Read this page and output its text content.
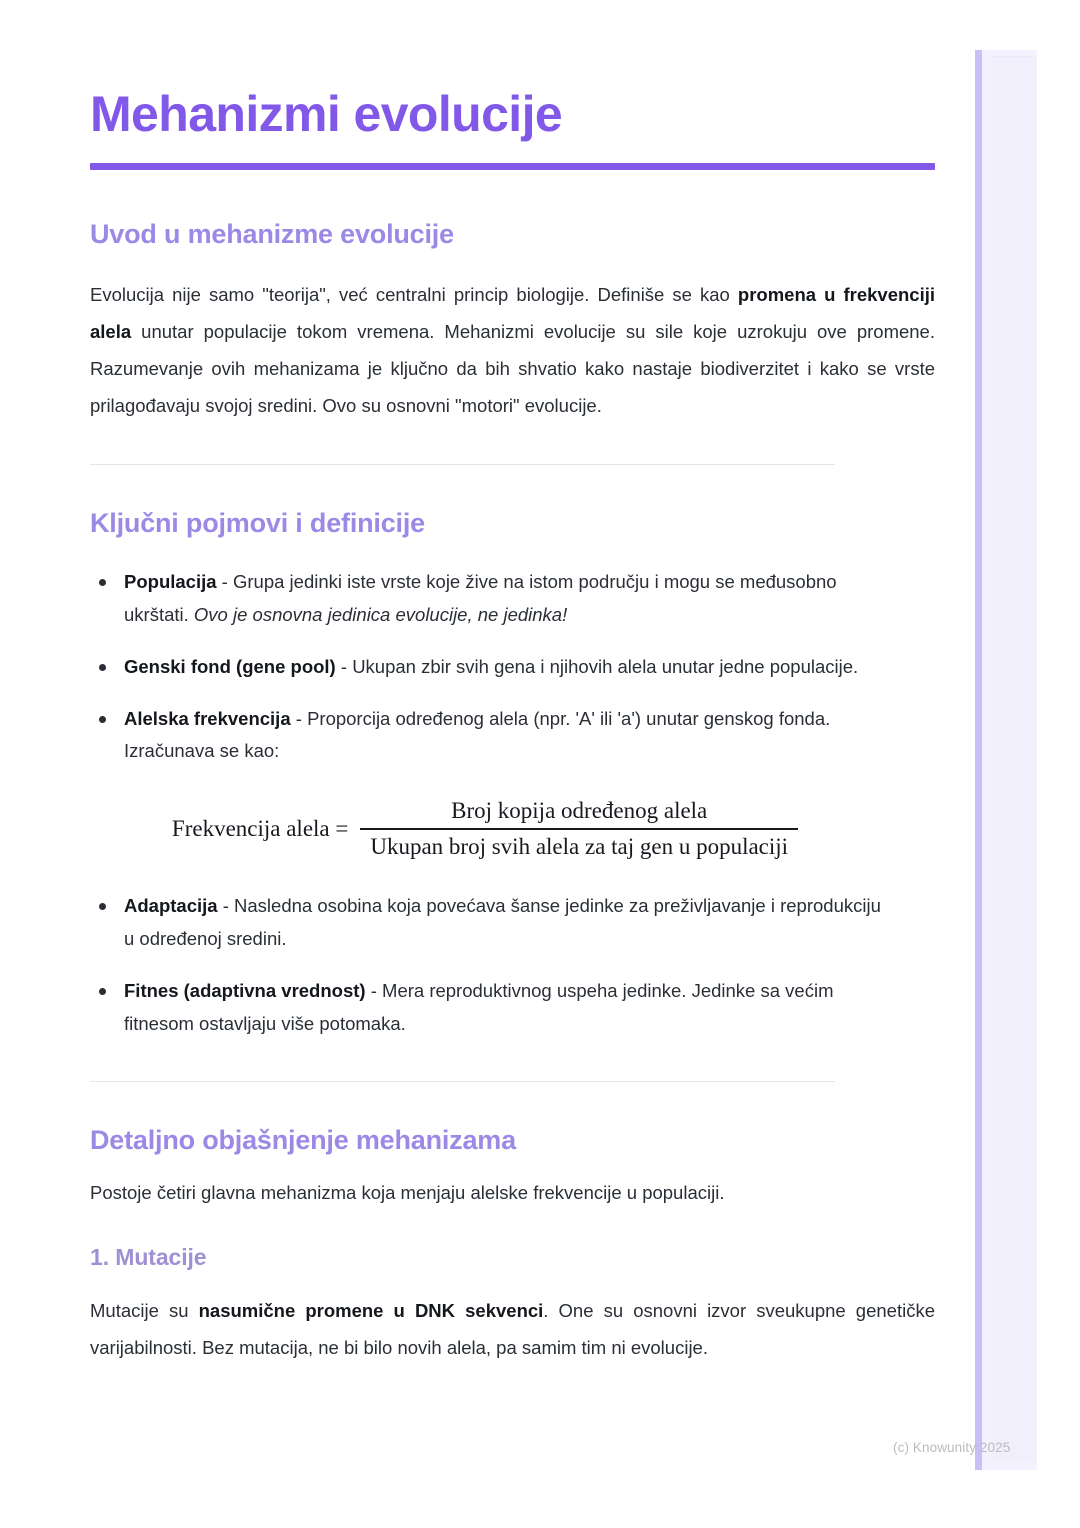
Mehanizmi evolucije
Uvod u mehanizme evolucije

Evolucija nije samo "teorija", već centralni princip biologije. Definiše se kao promena u frekvenciji alela unutar populacije tokom vremena. Mehanizmi evolucije su sile koje uzrokuju ove promene. Razumevanje ovih mehanizama je ključno da bih shvatio kako nastaje biodiverzitet i kako se vrste prilagođavaju svojoj sredini. Ovo su osnovni "motori" evolucije.

Ključni pojmovi i definicije
Populacija - Grupa jedinki iste vrste koje žive na istom području i mogu se međusobno ukrštati. Ovo je osnovna jedinica evolucije, ne jedinka!
Genski fond (gene pool) - Ukupan zbir svih gena i njihovih alela unutar jedne populacije.
Alelska frekvencija - Proporcija određenog alela (npr. 'A' ili 'a') unutar genskog fonda. Izračunava se kao:
Frekvencija alela = $\frac{\text{Broj kopija određenog alela}}{\text{Ukupan broj svih alela za taj gen u populaciji}}$
Adaptacija - Nasledna osobina koja povećava šanse jedinke za preživljavanje i reprodukciju u određenoj sredini.
Fitnes (adaptivna vrednost) - Mera reproduktivnog uspeha jedinke. Jedinke sa većim fitnesom ostavljaju više potomaka.
Detaljno objašnjenje mehanizama

Postoje četiri glavna mehanizma koja menjaju alelske frekvencije u populaciji.

1. Mutacije

Mutacije su nasumične promene u DNK sekvenci. One su osnovni izvor sveukupne genetičke varijabilnosti. Bez mutacija, ne bi bilo novih alela, pa samim tim ni evolucije.

(c) Knowunity 2025
